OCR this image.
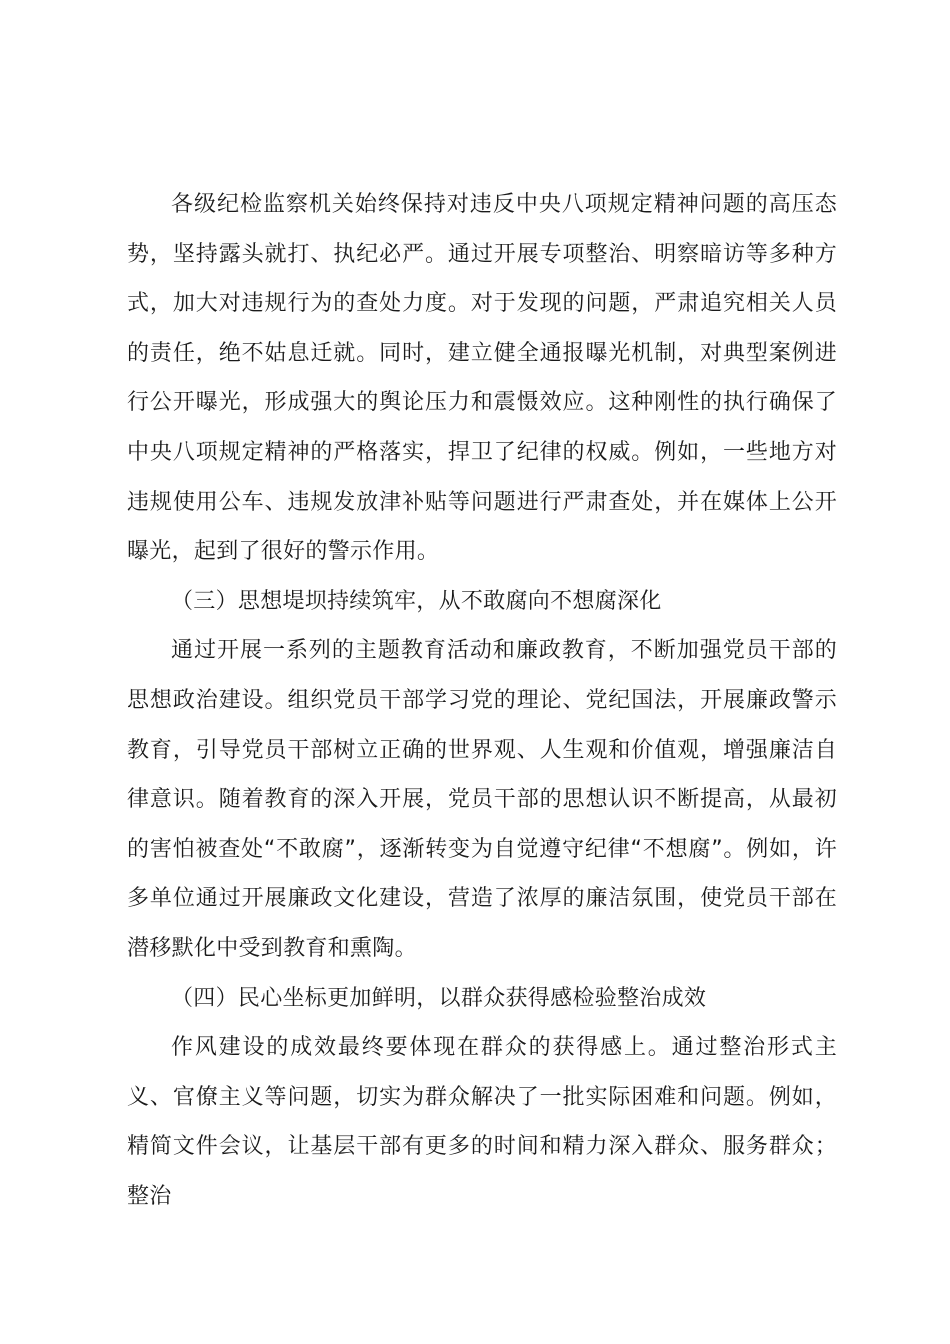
各级纪检监察机关始终保持对违反中央八项规定精神问题的高压态势，坚持露头就打、执纪必严。通过开展专项整治、明察暗访等多种方式，加大对违规行为的查处力度。对于发现的问题，严肃追究相关人员的责任，绝不姑息迁就。同时，建立健全通报曝光机制，对典型案例进行公开曝光，形成强大的舆论压力和震慑效应。这种刚性的执行确保了中央八项规定精神的严格落实，捍卫了纪律的权威。例如，一些地方对违规使用公车、违规发放津补贴等问题进行严肃查处，并在媒体上公开曝光，起到了很好的警示作用。

（三）思想堤坝持续筑牢，从不敢腐向不想腐深化

通过开展一系列的主题教育活动和廉政教育，不断加强党员干部的思想政治建设。组织党员干部学习党的理论、党纪国法，开展廉政警示教育，引导党员干部树立正确的世界观、人生观和价值观，增强廉洁自律意识。随着教育的深入开展，党员干部的思想认识不断提高，从最初的害怕被查处“不敢腐”，逐渐转变为自觉遵守纪律“不想腐”。例如，许多单位通过开展廉政文化建设，营造了浓厚的廉洁氛围，使党员干部在潜移默化中受到教育和熏陶。

（四）民心坐标更加鲜明，以群众获得感检验整治成效

作风建设的成效最终要体现在群众的获得感上。通过整治形式主义、官僚主义等问题，切实为群众解决了一批实际困难和问题。例如，精简文件会议，让基层干部有更多的时间和精力深入群众、服务群众；整治
